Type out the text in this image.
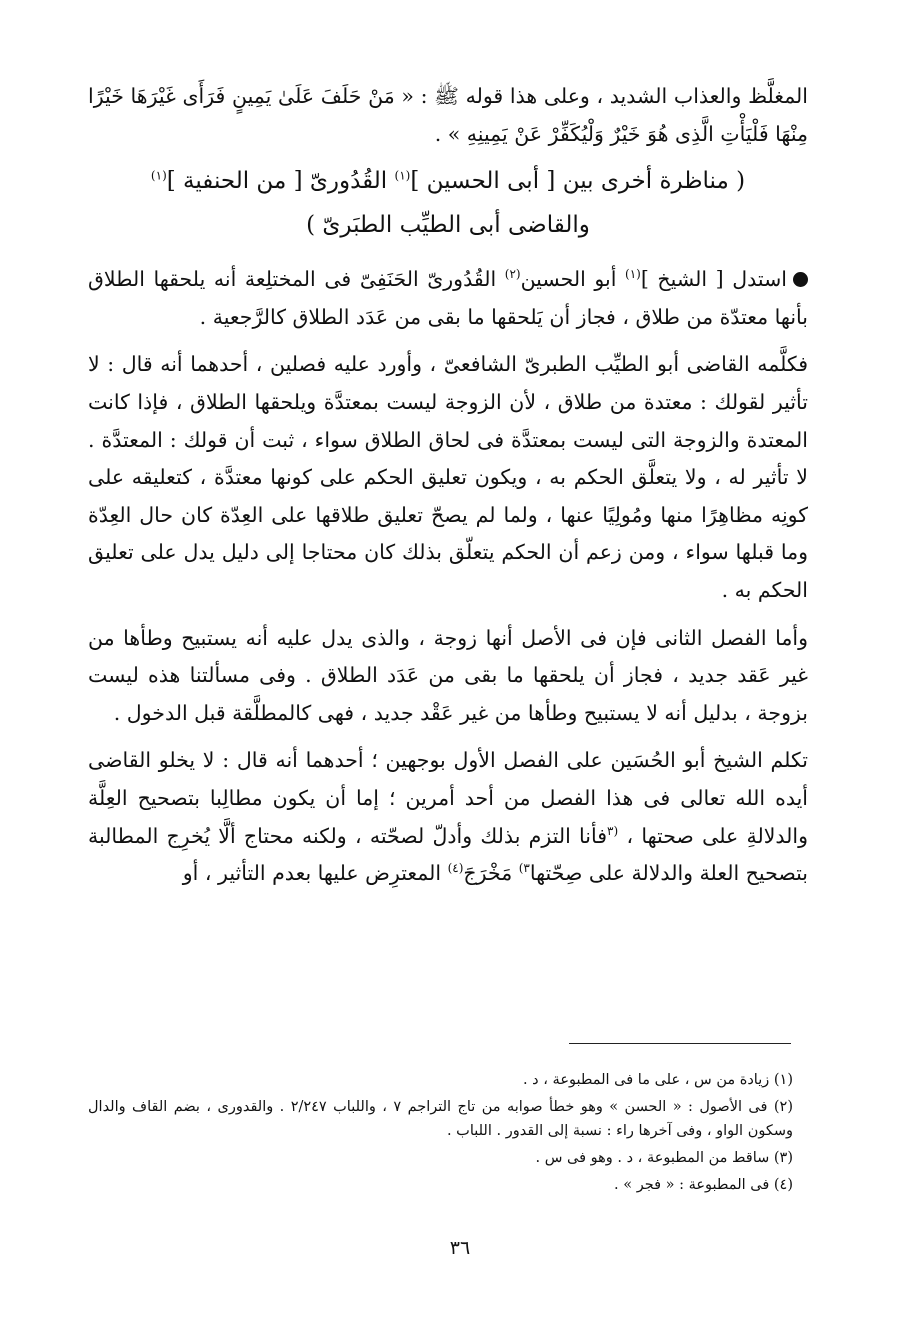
المغلَّظ والعذاب الشديد ، وعلى هذا قوله ﷺ : « مَنْ حَلَفَ عَلَىٰ يَمِينٍ فَرَأَى غَيْرَهَا خَيْرًا مِنْهَا فَلْيَأْتِ الَّذِى هُوَ خَيْرٌ وَلْيُكَفِّرْ عَنْ يَمِينِهِ » .

( مناظرة أخرى بين [ أبى الحسين ]$^{(١)}$ القُدُورىّ [ من الحنفية ]$^{(١)}$
والقاضى أبى الطيِّب الطبَرىّ )

استدل [ الشيخ ]$^{(١)}$ أبو الحسين$^{(٢)}$ القُدُورىّ الحَنَفِىّ فى المختلِعة أنه يلحقها الطلاق بأنها معتدّة من طلاق ، فجاز أن يَلحقها ما بقى من عَدَد الطلاق كالرَّجعية .

فكلَّمه القاضى أبو الطيِّب الطبرىّ الشافعىّ ، وأورد عليه فصلين ، أحدهما أنه قال : لا تأثير لقولك : معتدة من طلاق ، لأن الزوجة ليست بمعتدَّة ويلحقها الطلاق ، فإذا كانت المعتدة والزوجة التى ليست بمعتدَّة فى لحاق الطلاق سواء ، ثبت أن قولك : المعتدَّة . لا تأثير له ، ولا يتعلَّق الحكم به ، ويكون تعليق الحكم على كونها معتدَّة ، كتعليقه على كونِه مظاهِرًا منها ومُولِيًا عنها ، ولما لم يصحّ تعليق طلاقها على العِدّة كان حال العِدّة وما قبلها سواء ، ومن زعم أن الحكم يتعلّق بذلك كان محتاجا إلى دليل يدل على تعليق الحكم به .

وأما الفصل الثانى فإن فى الأصل أنها زوجة ، والذى يدل عليه أنه يستبيح وطأها من غير عَقد جديد ، فجاز أن يلحقها ما بقى من عَدَد الطلاق . وفى مسألتنا هذه ليست بزوجة ، بدليل أنه لا يستبيح وطأها من غير عَقْد جديد ، فهى كالمطلَّقة قبل الدخول .

تكلم الشيخ أبو الحُسَين على الفصل الأول بوجهين ؛ أحدهما أنه قال : لا يخلو القاضى أيده الله تعالى فى هذا الفصل من أحد أمرين ؛ إما أن يكون مطالِبا بتصحيح العِلَّة والدلالةِ على صحتها ، $^{(٣}$فأنا التزم بذلك وأدلّ لصحّته ، ولكنه محتاج ألَّا يُخرِج المطالبة بتصحيح العلة والدلالة على صِحّتها$^{٣)}$ مَخْرَجَ$^{(٤)}$ المعترِض عليها بعدم التأثير ، أو

(١) زيادة من س ، على ما فى المطبوعة ، د .

(٢) فى الأصول : « الحسن » وهو خطأ صوابه من تاج التراجم ٧ ، واللباب ٢/٢٤٧ . والقدورى ، بضم القاف والدال وسكون الواو ، وفى آخرها راء : نسبة إلى القدور . اللباب .

(٣) ساقط من المطبوعة ، د . وهو فى س .

(٤) فى المطبوعة : « فجر » .

٣٦
